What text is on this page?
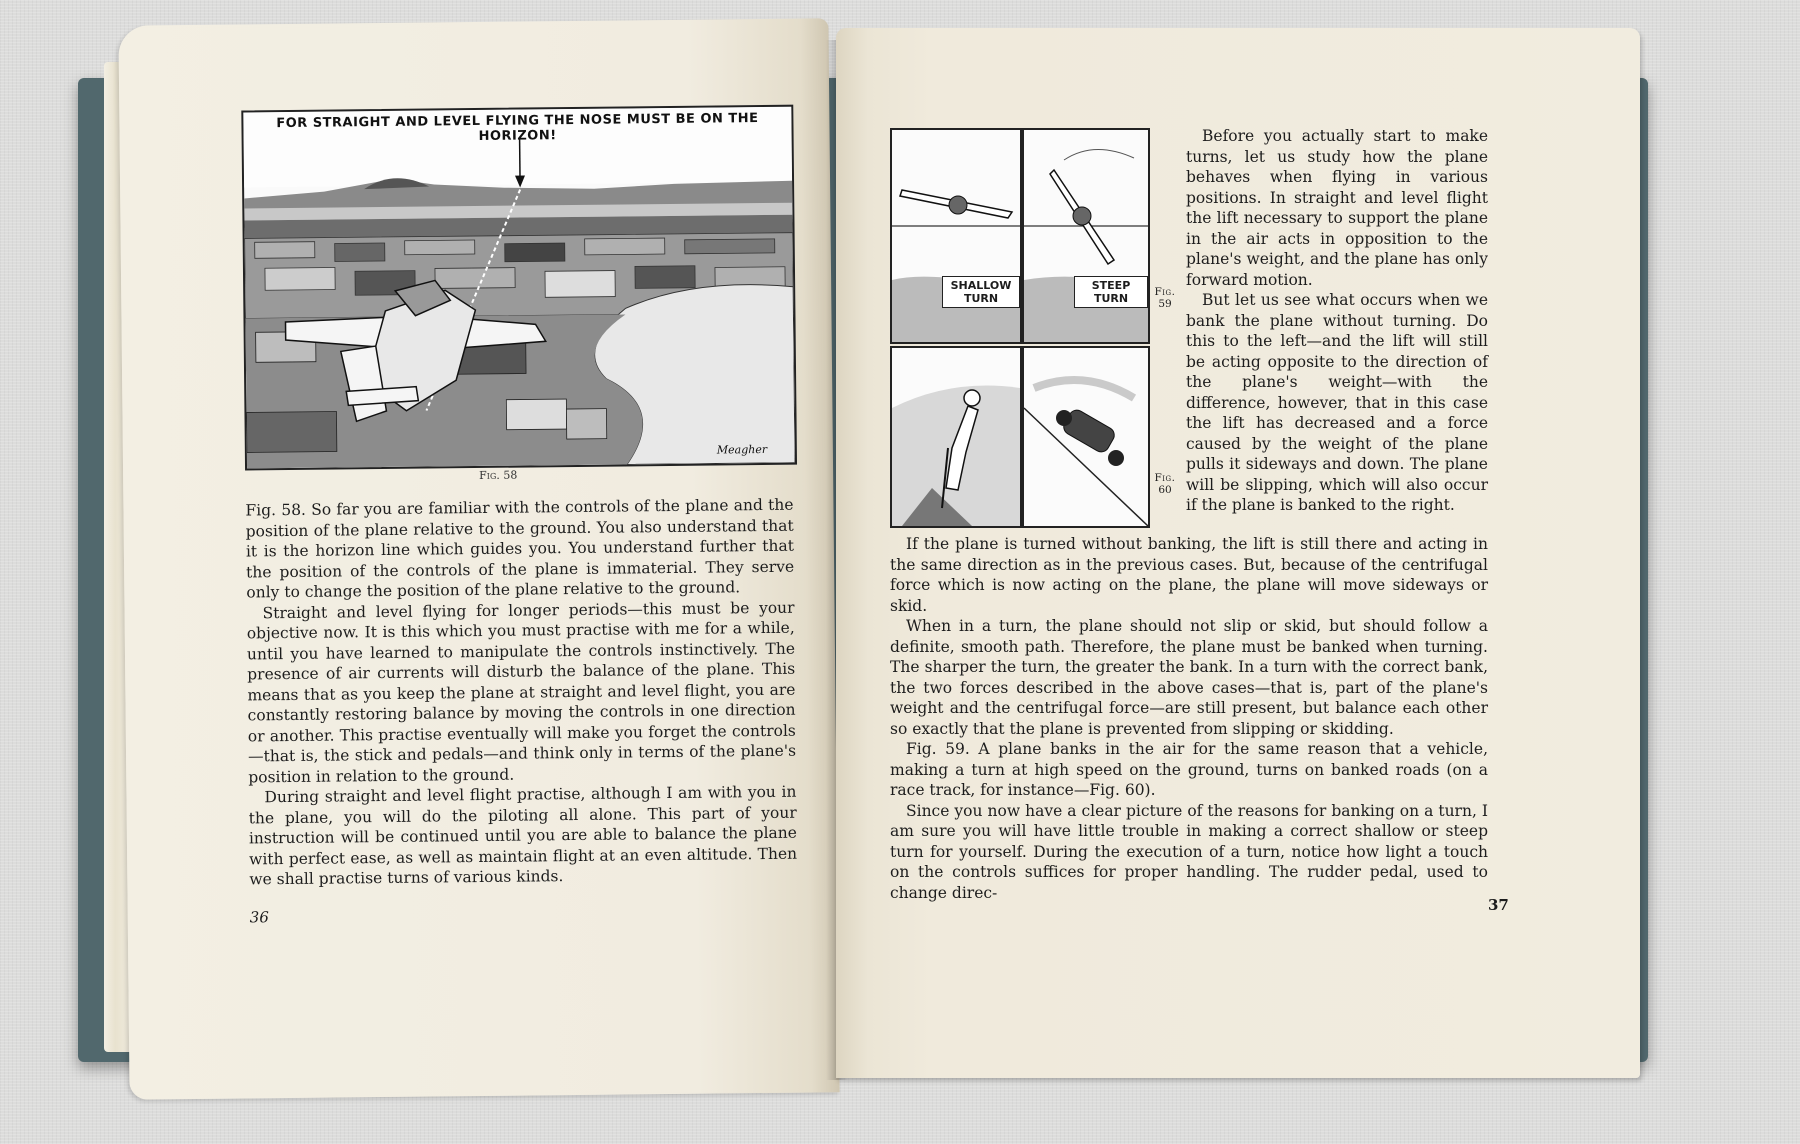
Meagher
FOR STRAIGHT AND LEVEL FLYING THE NOSE MUST BE ON THE HORIZON!
Fig. 58

Fig. 58. So far you are familiar with the controls of the plane and the position of the plane relative to the ground. You also understand that it is the horizon line which guides you. You understand further that the position of the controls of the plane is immaterial. They serve only to change the position of the plane relative to the ground.

Straight and level flying for longer periods—this must be your objective now. It is this which you must practise with me for a while, until you have learned to manipulate the controls instinctively. The presence of air currents will disturb the balance of the plane. This means that as you keep the plane at straight and level flight, you are constantly restoring balance by moving the controls in one direction or another. This practise eventually will make you forget the controls—that is, the stick and pedals—and think only in terms of the plane's position in relation to the ground.

During straight and level flight practise, although I am with you in the plane, you will do the piloting all alone. This part of your instruction will be continued until you are able to balance the plane with perfect ease, as well as maintain flight at an even altitude. Then we shall practise turns of various kinds.

36
SHALLOW TURN
STEEP TURN	Fig.
59
Fig.
60

Before you actually start to make turns, let us study how the plane behaves when flying in various positions. In straight and level flight the lift necessary to support the plane in the air acts in opposition to the plane's weight, and the plane has only forward motion.

But let us see what occurs when we bank the plane without turning. Do this to the left—and the lift will still be acting opposite to the direction of the plane's weight—with the difference, however, that in this case the lift has decreased and a force caused by the weight of the plane pulls it sideways and down. The plane will be slipping, which will also occur if the plane is banked to the right.

If the plane is turned without banking, the lift is still there and acting in the same direction as in the previous cases. But, because of the centrifugal force which is now acting on the plane, the plane will move sideways or skid.

When in a turn, the plane should not slip or skid, but should follow a definite, smooth path. Therefore, the plane must be banked when turning. The sharper the turn, the greater the bank. In a turn with the correct bank, the two forces described in the above cases—that is, part of the plane's weight and the centrifugal force—are still present, but balance each other so exactly that the plane is prevented from slipping or skidding.

Fig. 59. A plane banks in the air for the same reason that a vehicle, making a turn at high speed on the ground, turns on banked roads (on a race track, for instance—Fig. 60).

Since you now have a clear picture of the reasons for banking on a turn, I am sure you will have little trouble in making a correct shallow or steep turn for yourself. During the execution of a turn, notice how light a touch on the controls suffices for proper handling. The rudder pedal, used to change direc-

37
